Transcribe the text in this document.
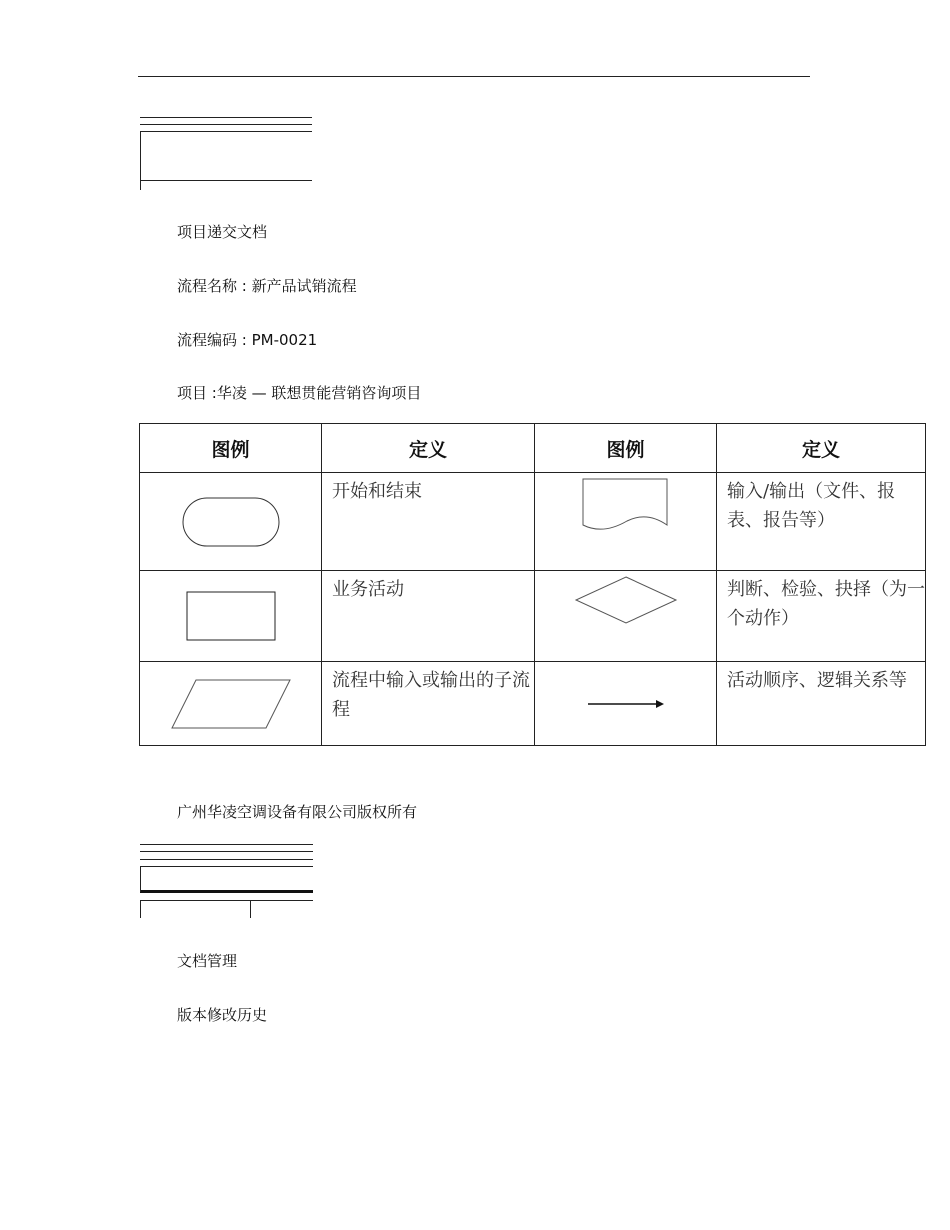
项目递交文档
流程名称 : 新产品试销流程
流程编码 : PM-0021
项目 :华凌 — 联想贯能营销咨询项目
图例	定义	图例	定义

	开始和结束		输入/输出（文件、报表、报告等）

	业务活动		判断、检验、抉择（为一个动作）

	流程中输入或输出的子流程		活动顺序、逻辑关系等
广州华凌空调设备有限公司版权所有
文档管理
版本修改历史
